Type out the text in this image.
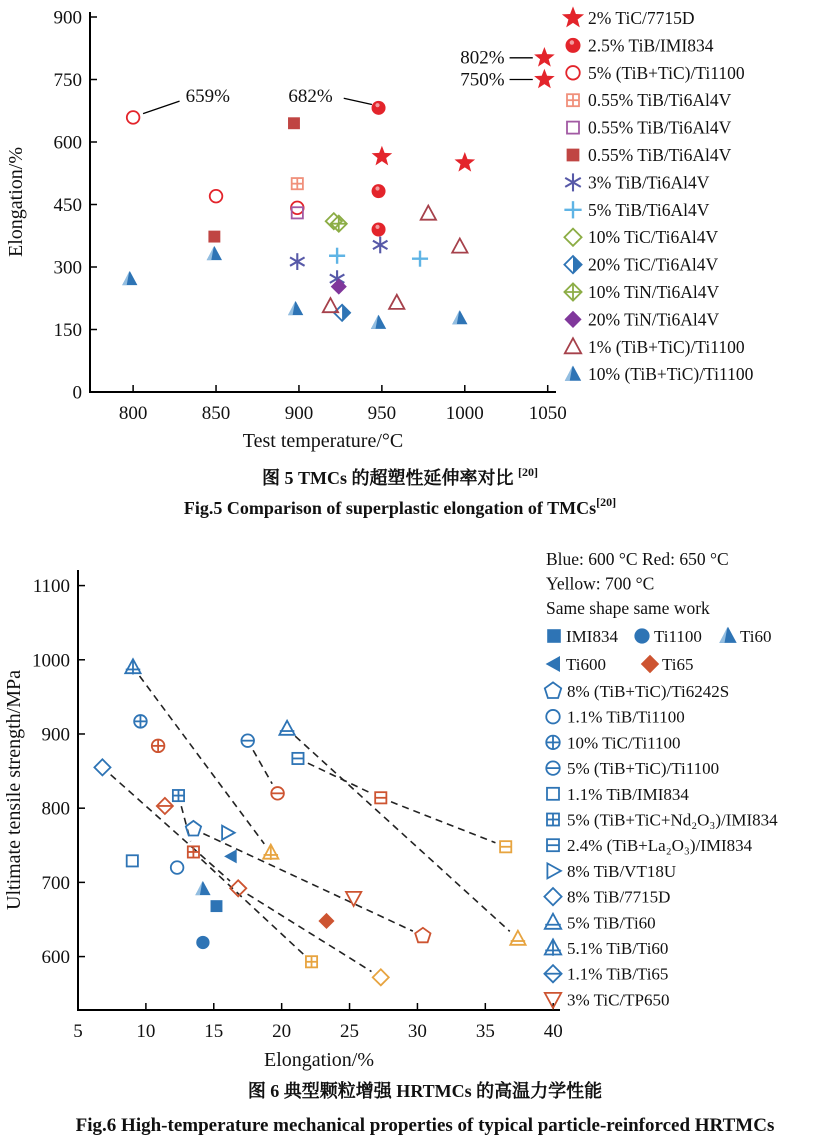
800	850	900	950	1000 1050
0
150
300
450
600
750
900
659%	682%
802%
750%
2% TiC/7715D
2.5% TiB/IMI834
5% (TiB+TiC)/Ti1100
0.55% TiB/Ti6Al4V
0.55% TiB/Ti6Al4V
0.55% TiB/Ti6Al4V
3% TiB/Ti6Al4V
5% TiB/Ti6Al4V
10% TiC/Ti6Al4V
20% TiC/Ti6Al4V
10% TiN/Ti6Al4V
20% TiN/Ti6Al4V
1% (TiB+TiC)/Ti1100
10% (TiB+TiC)/Ti1100
5	10	15	20	25	30	35	40
600
700
800
900
1000
1100
Blue: 600 °C Red: 650 °C
Yellow: 700 °C
Same shape same work
IMI834 Ti1100 Ti60
Ti600	Ti65
8% (TiB+TiC)/Ti6242S
1.1% TiB/Ti1100
10% TiC/Ti1100
5% (TiB+TiC)/Ti1100
1.1% TiB/IMI834
5% (TiB+TiC+Nd₂O₃)/IMI834
2.4% (TiB+La₂O₃)/IMI834
8% TiB/VT18U
8% TiB/7715D
5% TiB/Ti60
5.1% TiB/Ti60
1.1% TiB/Ti65
3% TiC/TP650
Elongation/%
Test temperature/°C
图 5 TMCs 的超塑性延伸率对比 [20]
Fig.5 Comparison of superplastic elongation of TMCs[20]
Ultimate tensile strength/MPa
Elongation/%
图 6 典型颗粒增强 HRTMCs 的高温力学性能
Fig.6 High-temperature mechanical properties of typical particle-reinforced HRTMCs
